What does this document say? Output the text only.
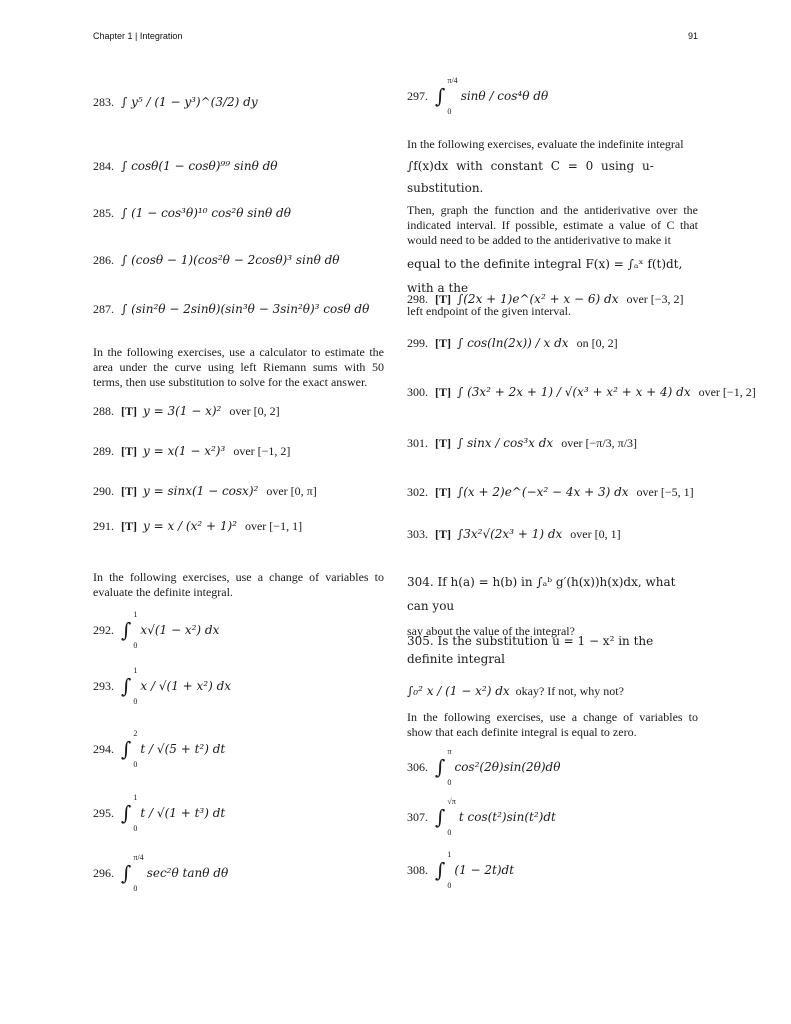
Chapter 1 | Integration	91
283. ∫ y⁵ / (1 − y³)^(3/2) dy
284. ∫ cosθ(1 − cosθ)⁹⁹ sinθ dθ
285. ∫ (1 − cos³θ)¹⁰ cos²θ sinθ dθ
286. ∫ (cosθ − 1)(cos²θ − 2cosθ)³ sinθ dθ
287. ∫ (sin²θ − 2sinθ)(sin³θ − 3sin²θ)³ cosθ dθ
In the following exercises, use a calculator to estimate the area under the curve using left Riemann sums with 50 terms, then use substitution to solve for the exact answer.
288. [T] y = 3(1 − x)² over [0, 2]
289. [T] y = x(1 − x²)³ over [−1, 2]
290. [T] y = sinx(1 − cosx)² over [0, π]
291. [T] y = x / (x² + 1)² over [−1, 1]
In the following exercises, use a change of variables to evaluate the definite integral.
292. ∫
1
0
x√(1 − x²) dx
293. ∫
1
0
x / √(1 + x²) dx
294. ∫
2
0
t / √(5 + t²) dt
295. ∫
1
0
t / √(1 + t³) dt
296. ∫
π/4
0
sec²θ tanθ dθ
297. ∫
π/4
0
sinθ / cos⁴θ dθ
In the following exercises, evaluate the indefinite integral
∫f(x)dx with constant C = 0 using u-substitution.
Then, graph the function and the antiderivative over the indicated interval. If possible, estimate a value of C that would need to be added to the antiderivative to make it
equal to the definite integral F(x) = ∫ₐˣ f(t)dt, with a the
left endpoint of the given interval.
298. [T] ∫(2x + 1)e^(x² + x − 6) dx over [−3, 2]
299. [T] ∫ cos(ln(2x)) / x dx on [0, 2]
300. [T] ∫ (3x² + 2x + 1) / √(x³ + x² + x + 4) dx over [−1, 2]
301. [T] ∫ sinx / cos³x dx over [−π/3, π/3]
302. [T] ∫(x + 2)e^(−x² − 4x + 3) dx over [−5, 1]
303. [T] ∫3x²√(2x³ + 1) dx over [0, 1]
304. If h(a) = h(b) in ∫ₐᵇ g′(h(x))h(x)dx, what can you
say about the value of the integral?
305. Is the substitution u = 1 − x² in the definite integral
∫₀² x / (1 − x²) dx okay? If not, why not?
In the following exercises, use a change of variables to show that each definite integral is equal to zero.
306. ∫
π
0
cos²(2θ)sin(2θ)dθ
307. ∫
√π
0
t cos(t²)sin(t²)dt
308. ∫
1
0
(1 − 2t)dt
